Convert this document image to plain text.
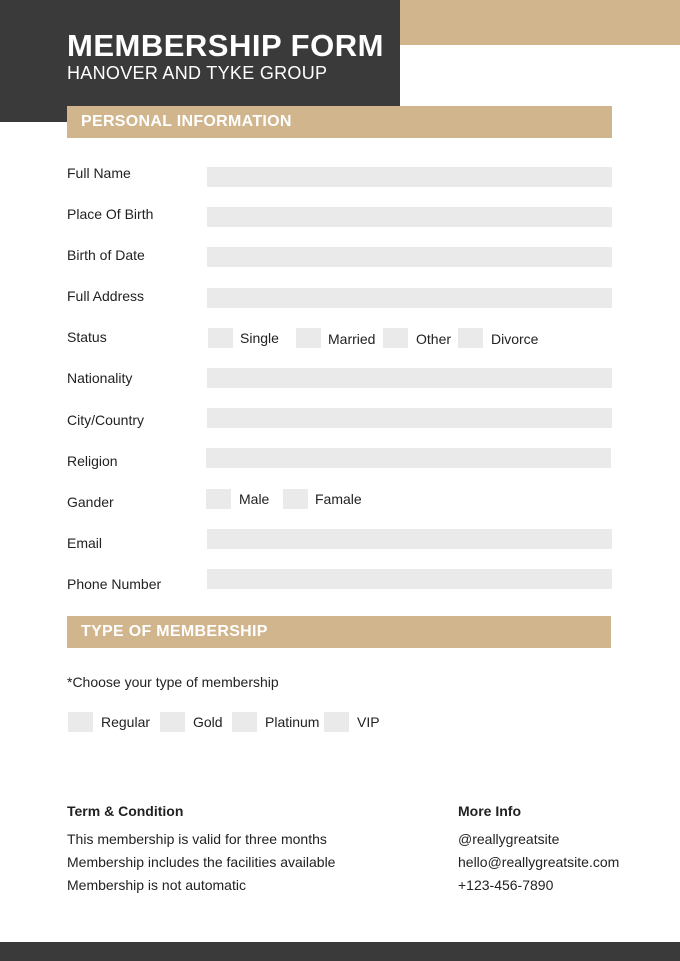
MEMBERSHIP FORM
HANOVER AND TYKE GROUP
PERSONAL INFORMATION
Full Name
Place Of Birth
Birth of Date
Full Address
Status	Single	Married	Other	Divorce
Nationality
City/Country
Religion
Gander	Male	Famale
Email
Phone Number
TYPE OF MEMBERSHIP
*Choose your type of membership
Regular	Gold	Platinum	VIP
Term & Condition
This membership is valid for three months
Membership includes the facilities available
Membership is not automatic
More Info
@reallygreatsite
hello@reallygreatsite.com
+123-456-7890
